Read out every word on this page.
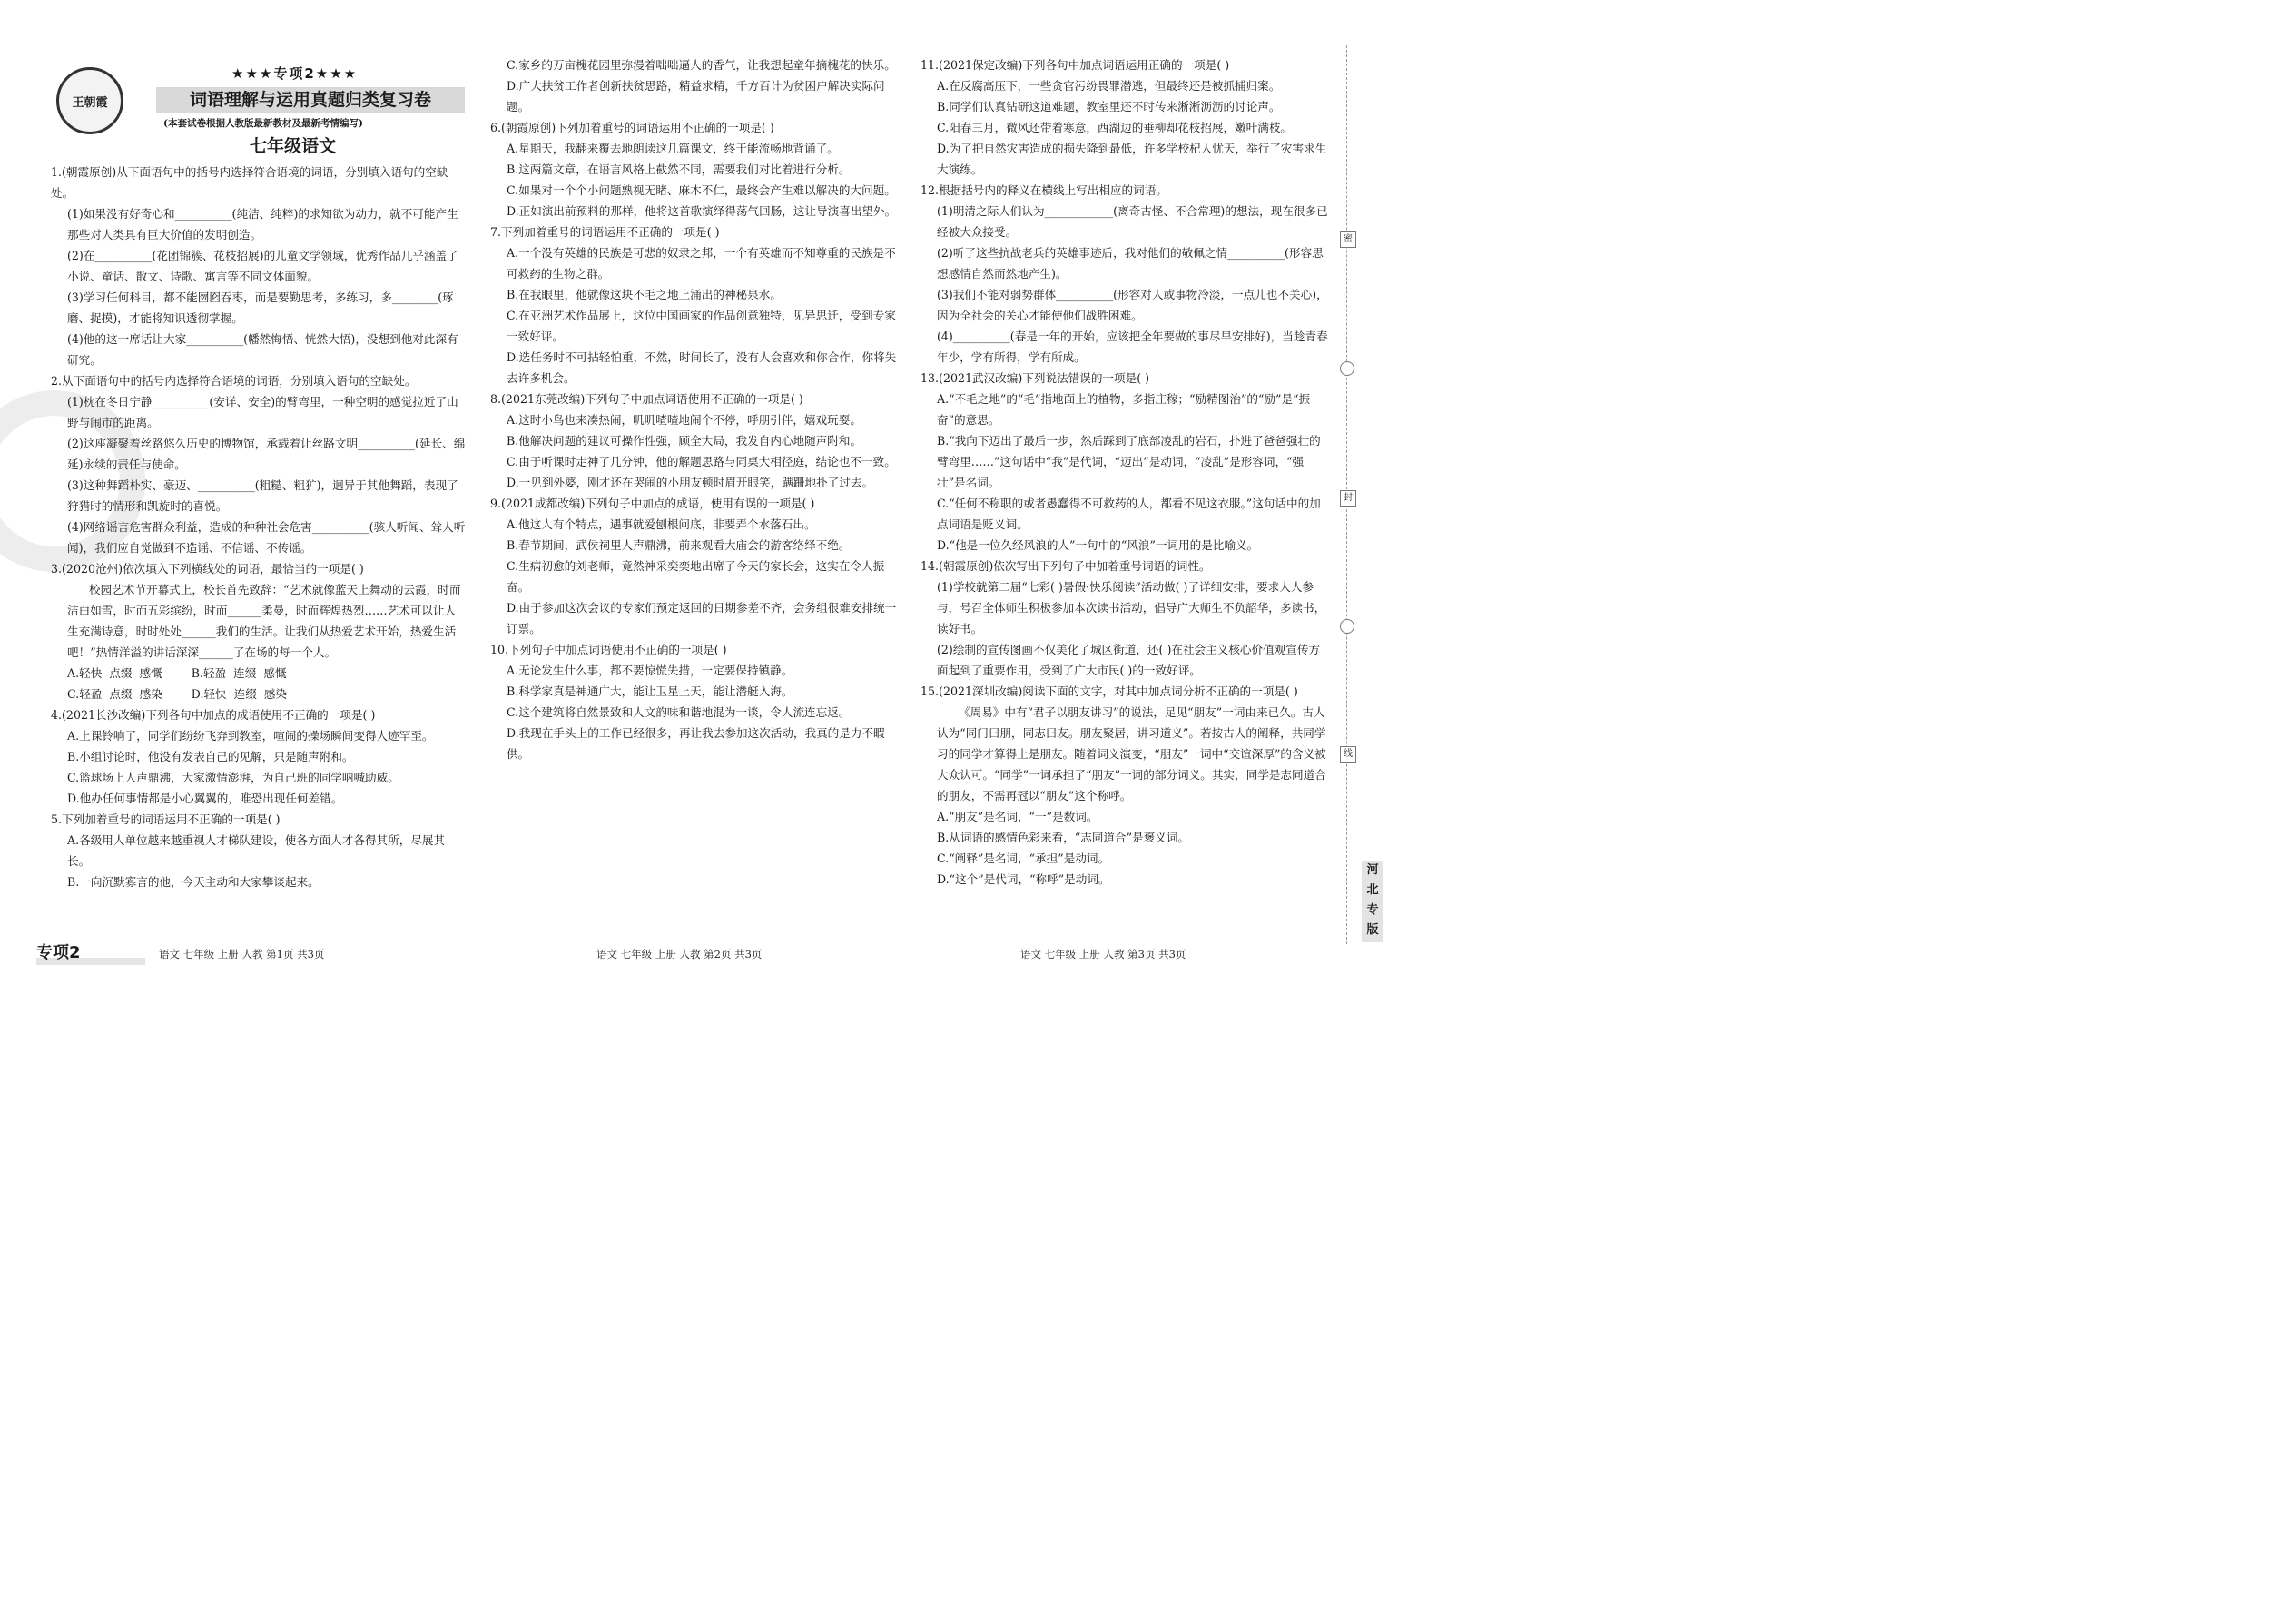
王朝霞
★★★专项2★★★
词语理解与运用真题归类复习卷
(本套试卷根据人教版最新教材及最新考情编写)
七年级语文

1.(朝霞原创)从下面语句中的括号内选择符合语境的词语，分别填入语句的空缺处。

(1)如果没有好奇心和__________(纯洁、纯粹)的求知欲为动力，就不可能产生那些对人类具有巨大价值的发明创造。

(2)在__________(花团锦簇、花枝招展)的儿童文学领域，优秀作品几乎涵盖了小说、童话、散文、诗歌、寓言等不同文体面貌。

(3)学习任何科目，都不能囫囵吞枣，而是要勤思考，多练习，多________(琢磨、捉摸)，才能将知识透彻掌握。

(4)他的这一席话让大家__________(幡然悔悟、恍然大悟)，没想到他对此深有研究。

2.从下面语句中的括号内选择符合语境的词语，分别填入语句的空缺处。

(1)枕在冬日宁静__________(安详、安全)的臂弯里，一种空明的感觉拉近了山野与闹市的距离。

(2)这座凝聚着丝路悠久历史的博物馆，承载着让丝路文明__________(延长、绵延)永续的责任与使命。

(3)这种舞蹈朴实、豪迈、__________(粗糙、粗犷)，迥异于其他舞蹈，表现了狩猎时的情形和凯旋时的喜悦。

(4)网络谣言危害群众利益，造成的种种社会危害__________(骇人听闻、耸人听闻)，我们应自觉做到不造谣、不信谣、不传谣。

3.(2020沧州)依次填入下列横线处的词语，最恰当的一项是( )

校园艺术节开幕式上，校长首先致辞：“艺术就像蓝天上舞动的云霞，时而洁白如雪，时而五彩缤纷，时而______柔曼，时而辉煌热烈……艺术可以让人生充满诗意，时时处处______我们的生活。让我们从热爱艺术开始，热爱生活吧！”热情洋溢的讲话深深______了在场的每一个人。

A.轻快  点缀  感慨        B.轻盈  连缀  感慨

C.轻盈  点缀  感染        D.轻快  连缀  感染

4.(2021长沙改编)下列各句中加点的成语使用不正确的一项是( )

A.上课铃响了，同学们纷纷飞奔到教室，喧闹的操场瞬间变得人迹罕至。

B.小组讨论时，他没有发表自己的见解，只是随声附和。

C.篮球场上人声鼎沸，大家激情澎湃，为自己班的同学呐喊助威。

D.他办任何事情都是小心翼翼的，唯恐出现任何差错。

5.下列加着重号的词语运用不正确的一项是( )

A.各级用人单位越来越重视人才梯队建设，使各方面人才各得其所，尽展其长。

B.一向沉默寡言的他，今天主动和大家攀谈起来。

C.家乡的万亩槐花园里弥漫着咄咄逼人的香气，让我想起童年摘槐花的快乐。

D.广大扶贫工作者创新扶贫思路，精益求精，千方百计为贫困户解决实际问题。

6.(朝霞原创)下列加着重号的词语运用不正确的一项是( )

A.星期天，我翻来覆去地朗读这几篇课文，终于能流畅地背诵了。

B.这两篇文章，在语言风格上截然不同，需要我们对比着进行分析。

C.如果对一个个小问题熟视无睹、麻木不仁，最终会产生难以解决的大问题。

D.正如演出前预料的那样，他将这首歌演绎得荡气回肠，这让导演喜出望外。

7.下列加着重号的词语运用不正确的一项是( )

A.一个没有英雄的民族是可悲的奴隶之邦，一个有英雄而不知尊重的民族是不可救药的生物之群。

B.在我眼里，他就像这块不毛之地上涌出的神秘泉水。

C.在亚洲艺术作品展上，这位中国画家的作品创意独特，见异思迁，受到专家一致好评。

D.选任务时不可拈轻怕重，不然，时间长了，没有人会喜欢和你合作，你将失去许多机会。

8.(2021东莞改编)下列句子中加点词语使用不正确的一项是( )

A.这时小鸟也来凑热闹，叽叽喳喳地闹个不停，呼朋引伴，嬉戏玩耍。

B.他解决问题的建议可操作性强，顾全大局，我发自内心地随声附和。

C.由于听课时走神了几分钟，他的解题思路与同桌大相径庭，结论也不一致。

D.一见到外婆，刚才还在哭闹的小朋友顿时眉开眼笑，蹒跚地扑了过去。

9.(2021成都改编)下列句子中加点的成语，使用有误的一项是( )

A.他这人有个特点，遇事就爱刨根问底，非要弄个水落石出。

B.春节期间，武侯祠里人声鼎沸，前来观看大庙会的游客络绎不绝。

C.生病初愈的刘老师，竟然神采奕奕地出席了今天的家长会，这实在令人振奋。

D.由于参加这次会议的专家们预定返回的日期参差不齐，会务组很难安排统一订票。

10.下列句子中加点词语使用不正确的一项是( )

A.无论发生什么事，都不要惊慌失措，一定要保持镇静。

B.科学家真是神通广大，能让卫星上天，能让潜艇入海。

C.这个建筑将自然景致和人文韵味和谐地混为一谈，令人流连忘返。

D.我现在手头上的工作已经很多，再让我去参加这次活动，我真的是力不暇供。

11.(2021保定改编)下列各句中加点词语运用正确的一项是( )

A.在反腐高压下，一些贪官污纷畏罪潜逃，但最终还是被抓捕归案。

B.同学们认真钻研这道难题，教室里还不时传来淅淅沥沥的讨论声。

C.阳春三月，微风还带着寒意，西湖边的垂柳却花枝招展，嫩叶满枝。

D.为了把自然灾害造成的损失降到最低，许多学校杞人忧天，举行了灾害求生大演练。

12.根据括号内的释义在横线上写出相应的词语。

(1)明清之际人们认为____________(离奇古怪、不合常理)的想法，现在很多已经被大众接受。

(2)听了这些抗战老兵的英雄事迹后，我对他们的敬佩之情__________(形容思想感情自然而然地产生)。

(3)我们不能对弱势群体__________(形容对人或事物冷淡，一点儿也不关心)，因为全社会的关心才能使他们战胜困难。

(4)__________(春是一年的开始，应该把全年要做的事尽早安排好)，当趁青春年少，学有所得，学有所成。

13.(2021武汉改编)下列说法错误的一项是( )

A.“不毛之地”的“毛”指地面上的植物，多指庄稼；“励精图治”的“励”是“振奋”的意思。

B.“我向下迈出了最后一步，然后踩到了底部凌乱的岩石，扑进了爸爸强壮的臂弯里……”这句话中“我”是代词，“迈出”是动词，“凌乱”是形容词，“强壮”是名词。

C.“任何不称职的或者愚蠢得不可救药的人，都看不见这衣服。”这句话中的加点词语是贬义词。

D.“他是一位久经风浪的人”一句中的“风浪”一词用的是比喻义。

14.(朝霞原创)依次写出下列句子中加着重号词语的词性。

(1)学校就第二届“七彩( )暑假·快乐阅读”活动做( )了详细安排，要求人人参与，号召全体师生积极参加本次读书活动，倡导广大师生不负韶华，多读书，读好书。

(2)绘制的宣传图画不仅美化了城区街道，还( )在社会主义核心价值观宣传方面起到了重要作用，受到了广大市民( )的一致好评。

15.(2021深圳改编)阅读下面的文字，对其中加点词分析不正确的一项是( )

《周易》中有“君子以朋友讲习”的说法，足见“朋友”一词由来已久。古人认为“同门曰朋，同志曰友。朋友聚居，讲习道义”。若按古人的阐释，共同学习的同学才算得上是朋友。随着词义演变，“朋友”一词中“交谊深厚”的含义被大众认可。“同学”一词承担了“朋友”一词的部分词义。其实，同学是志同道合的朋友，不需再冠以“朋友”这个称呼。

A.“朋友”是名词，“一”是数词。

B.从词语的感情色彩来看，“志同道合”是褒义词。

C.“阐释”是名词，“承担”是动词。

D.“这个”是代词，“称呼”是动词。

密
封
线
河北专版
专项2	语文 七年级 上册 人教 第1页 共3页	语文 七年级 上册 人教 第2页 共3页	语文 七年级 上册 人教 第3页 共3页
